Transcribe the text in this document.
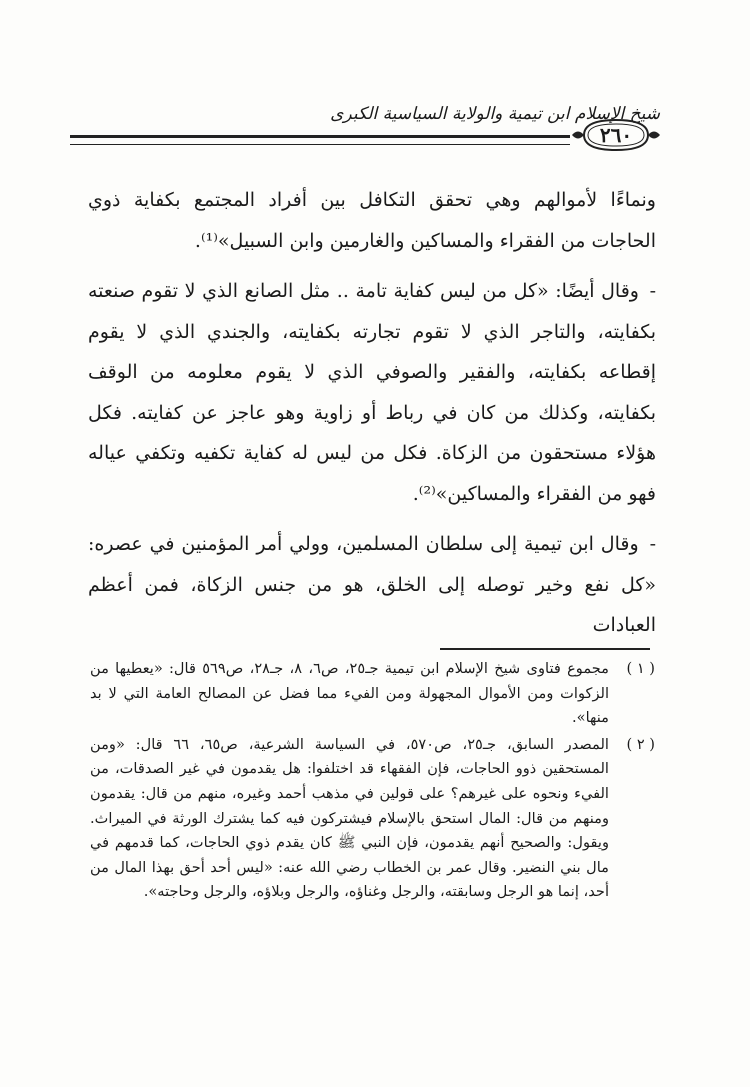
شيخ الإسلام ابن تيمية والولاية السياسية الكبرى
٢٦٠

ونماءًا لأموالهم وهي تحقق التكافل بين أفراد المجتمع بكفاية ذوي الحاجات من الفقراء والمساكين والغارمين وابن السبيل»⁽¹⁾.

- وقال أيضًا: «كل من ليس كفاية تامة .. مثل الصانع الذي لا تقوم صنعته بكفايته، والتاجر الذي لا تقوم تجارته بكفايته، والجندي الذي لا يقوم إقطاعه بكفايته، والفقير والصوفي الذي لا يقوم معلومه من الوقف بكفايته، وكذلك من كان في رباط أو زاوية وهو عاجز عن كفايته. فكل هؤلاء مستحقون من الزكاة. فكل من ليس له كفاية تكفيه وتكفي عياله فهو من الفقراء والمساكين»⁽²⁾.

- وقال ابن تيمية إلى سلطان المسلمين، وولي أمر المؤمنين في عصره: «كل نفع وخير توصله إلى الخلق، هو من جنس الزكاة، فمن أعظم العبادات

( ١ )
مجموع فتاوى شيخ الإسلام ابن تيمية جـ٢٥، ص٦، ٨، جـ٢٨، ص٥٦٩ قال: «يعطيها من الزكوات ومن الأموال المجهولة ومن الفيء مما فضل عن المصالح العامة التي لا بد منها».
( ٢ )
المصدر السابق، جـ٢٥، ص٥٧٠، في السياسة الشرعية، ص٦٥، ٦٦ قال: «ومن المستحقين ذوو الحاجات، فإن الفقهاء قد اختلفوا: هل يقدمون في غير الصدقات، من الفيء ونحوه على غيرهم؟ على قولين في مذهب أحمد وغيره، منهم من قال: يقدمون ومنهم من قال: المال استحق بالإسلام فيشتركون فيه كما يشترك الورثة في الميراث. ويقول: والصحيح أنهم يقدمون، فإن النبي ﷺ كان يقدم ذوي الحاجات، كما قدمهم في مال بني النضير. وقال عمر بن الخطاب رضي الله عنه: «ليس أحد أحق بهذا المال من أحد، إنما هو الرجل وسابقته، والرجل وغناؤه، والرجل وبلاؤه، والرجل وحاجته».
